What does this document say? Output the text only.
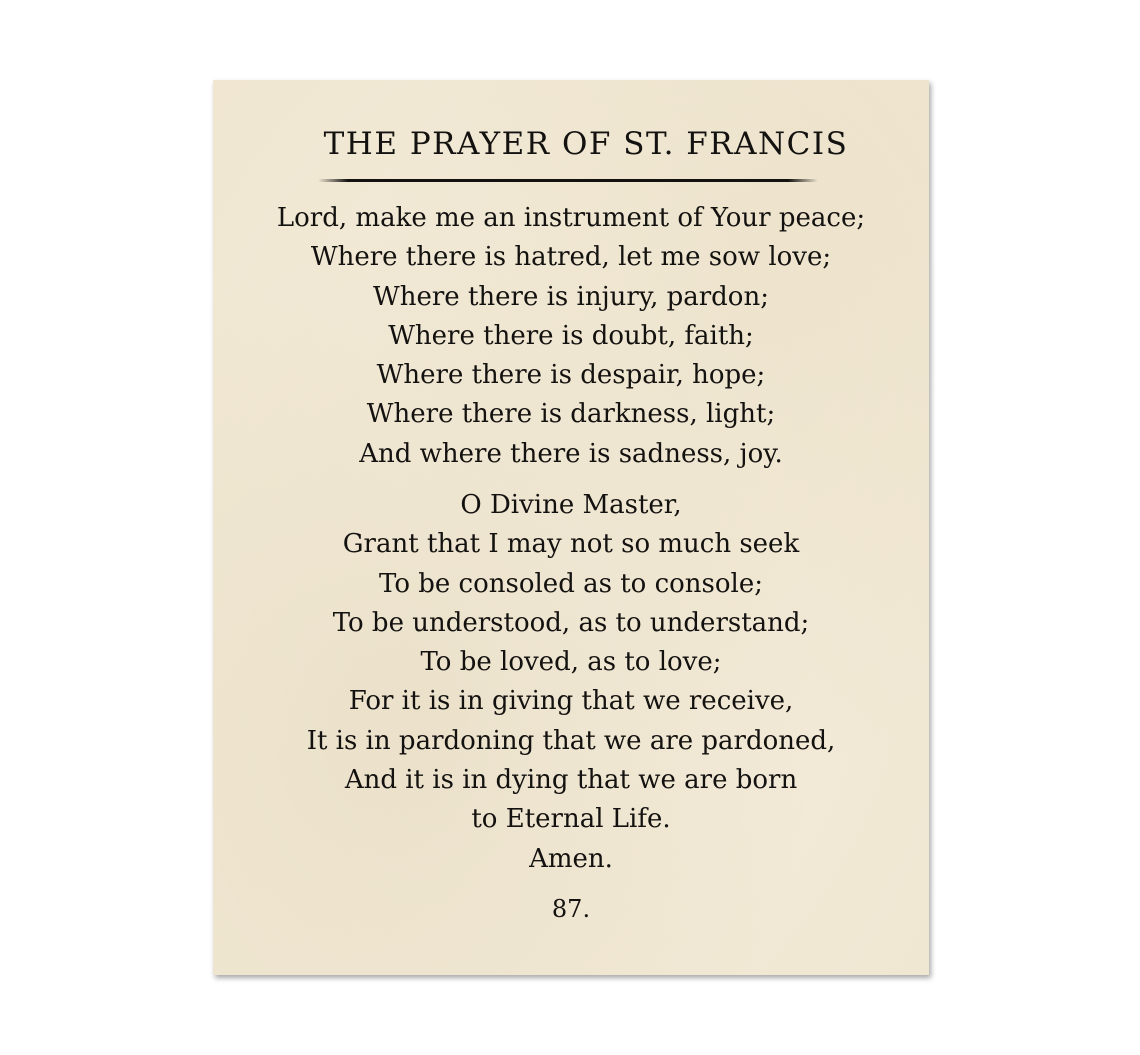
THE PRAYER OF ST. FRANCIS
Lord, make me an instrument of Your peace;
Where there is hatred, let me sow love;
Where there is injury, pardon;
Where there is doubt, faith;
Where there is despair, hope;
Where there is darkness, light;
And where there is sadness, joy.
O Divine Master,
Grant that I may not so much seek
To be consoled as to console;
To be understood, as to understand;
To be loved, as to love;
For it is in giving that we receive,
It is in pardoning that we are pardoned,
And it is in dying that we are born
to Eternal Life.
Amen.
87.
